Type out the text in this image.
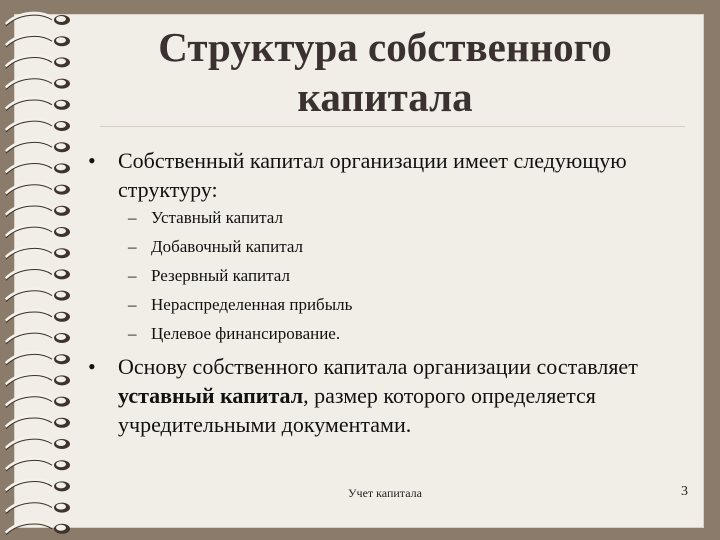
Структура собственного капитала
• Собственный капитал организации имеет следующую структуру:
– Уставный капитал
– Добавочный капитал
– Резервный капитал
– Нераспределенная прибыль
– Целевое финансирование.
• Основу собственного капитала организации составляет уставный капитал, размер которого определяется учредительными документами.
Учет капитала	3
